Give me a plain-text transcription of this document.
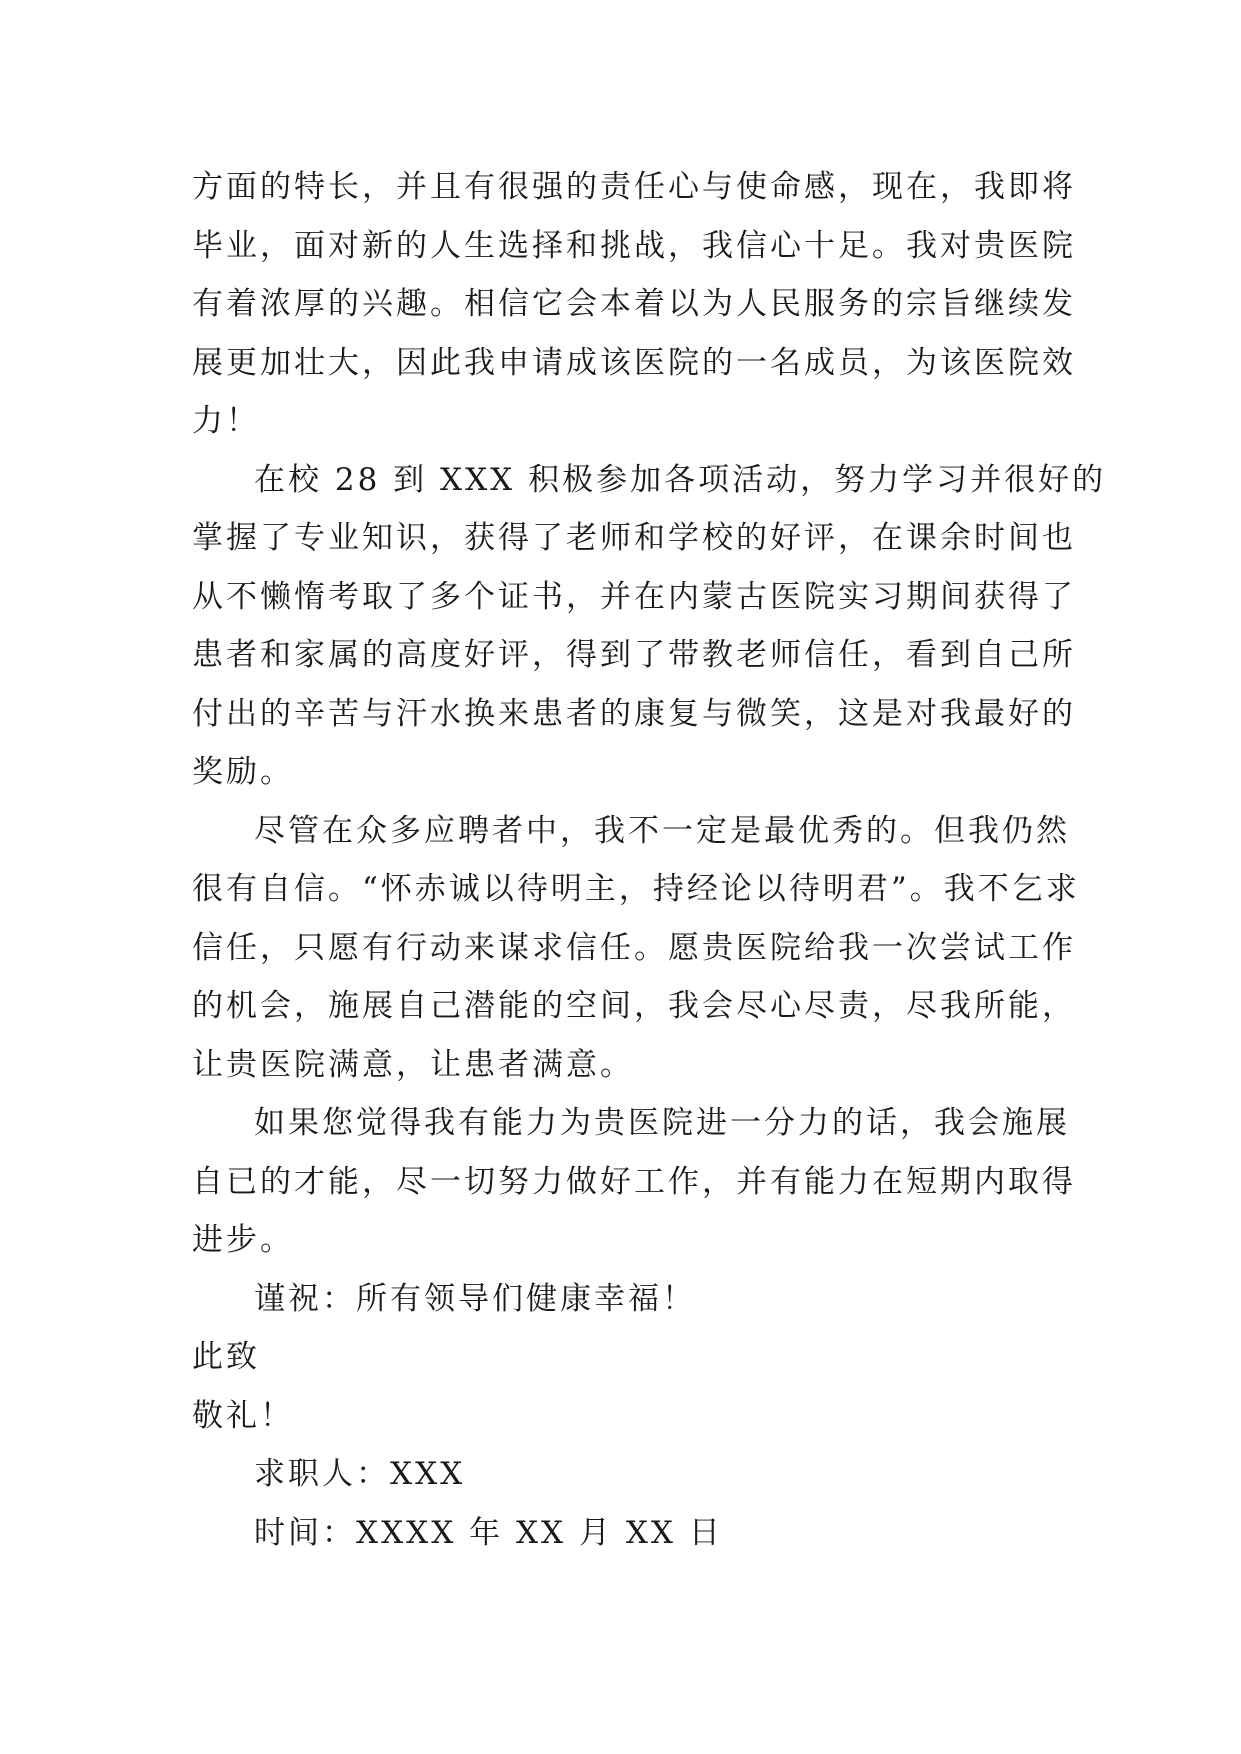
方面的特长，并且有很强的责任心与使命感，现在，我即将
毕业，面对新的人生选择和挑战，我信心十足。我对贵医院
有着浓厚的兴趣。相信它会本着以为人民服务的宗旨继续发
展更加壮大，因此我申请成该医院的一名成员，为该医院效
力！
在校 28 到 XXX 积极参加各项活动，努力学习并很好的
掌握了专业知识，获得了老师和学校的好评，在课余时间也
从不懒惰考取了多个证书，并在内蒙古医院实习期间获得了
患者和家属的高度好评，得到了带教老师信任，看到自己所
付出的辛苦与汗水换来患者的康复与微笑，这是对我最好的
奖励。
尽管在众多应聘者中，我不一定是最优秀的。但我仍然
很有自信。“怀赤诚以待明主，持经论以待明君”。我不乞求
信任，只愿有行动来谋求信任。愿贵医院给我一次尝试工作
的机会，施展自己潜能的空间，我会尽心尽责，尽我所能，
让贵医院满意，让患者满意。
如果您觉得我有能力为贵医院进一分力的话，我会施展
自已的才能，尽一切努力做好工作，并有能力在短期内取得
进步。
谨祝：所有领导们健康幸福！
此致
敬礼！
求职人：XXX
时间：XXXX 年 XX 月 XX 日
